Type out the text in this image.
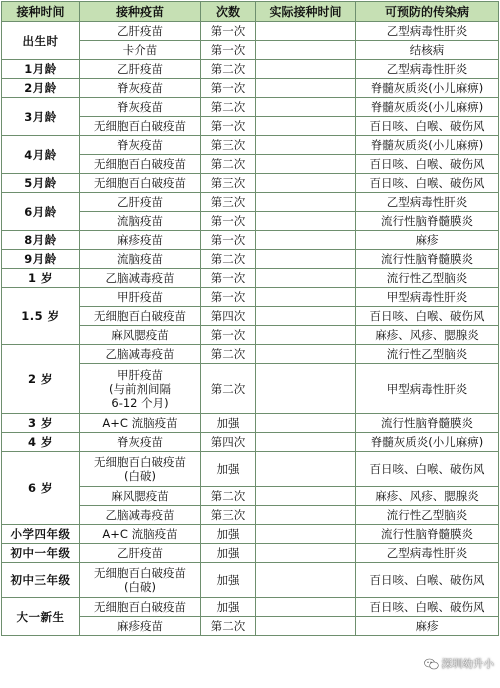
接种时间	接种疫苗	次数	实际接种时间	可预防的传染病
出生时	乙肝疫苗	第一次		乙型病毒性肝炎

	卡介苗	第一次		结核病
1月龄	乙肝疫苗	第二次		乙型病毒性肝炎
2月龄	脊灰疫苗	第一次		脊髓灰质炎(小儿麻痹)
3月龄	脊灰疫苗	第二次		脊髓灰质炎(小儿麻痹)

	无细胞百白破疫苗	第一次		百日咳、白喉、破伤风
4月龄	脊灰疫苗	第三次		脊髓灰质炎(小儿麻痹)

	无细胞百白破疫苗	第二次		百日咳、白喉、破伤风
5月龄	无细胞百白破疫苗	第三次		百日咳、白喉、破伤风
6月龄	乙肝疫苗	第三次		乙型病毒性肝炎

	流脑疫苗	第一次		流行性脑脊髓膜炎
8月龄	麻疹疫苗	第一次		麻疹
9月龄	流脑疫苗	第二次		流行性脑脊髓膜炎
1 岁	乙脑减毒疫苗	第一次		流行性乙型脑炎
1.5 岁	甲肝疫苗	第一次		甲型病毒性肝炎

	无细胞百白破疫苗	第四次		百日咳、白喉、破伤风

	麻风腮疫苗	第一次		麻疹、风疹、腮腺炎
2 岁	乙脑减毒疫苗	第二次		流行性乙型脑炎

	甲肝疫苗
(与前剂间隔
6-12 个月)	第二次		甲型病毒性肝炎
3 岁	A+C 流脑疫苗	加强		流行性脑脊髓膜炎
4 岁	脊灰疫苗	第四次		脊髓灰质炎(小儿麻痹)
6 岁	无细胞百白破疫苗
(白破)	加强		百日咳、白喉、破伤风

	麻风腮疫苗	第二次		麻疹、风疹、腮腺炎

	乙脑减毒疫苗	第三次		流行性乙型脑炎
小学四年级	A+C 流脑疫苗	加强		流行性脑脊髓膜炎
初中一年级	乙肝疫苗	加强		乙型病毒性肝炎
初中三年级	无细胞百白破疫苗
(白破)	加强		百日咳、白喉、破伤风
大一新生	无细胞百白破疫苗	加强		百日咳、白喉、破伤风

	麻疹疫苗	第二次		麻疹
深圳幼升小
